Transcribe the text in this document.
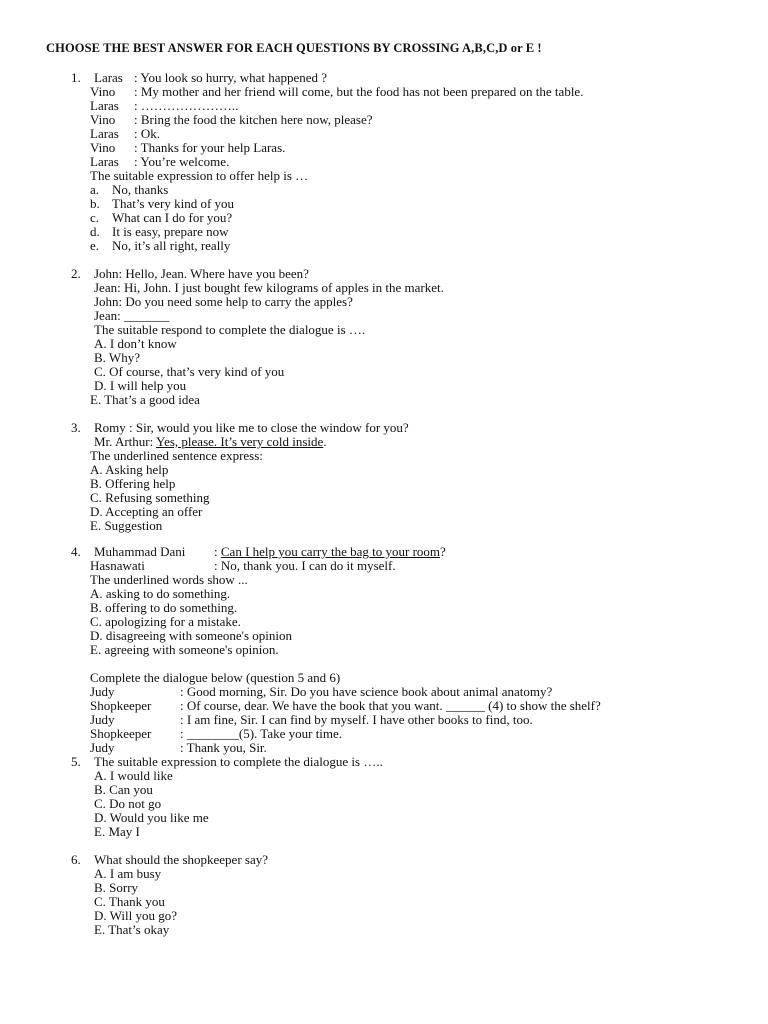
CHOOSE THE BEST ANSWER FOR EACH QUESTIONS BY CROSSING A,B,C,D or E !
1. Laras : You look so hurry, what happened ?
Vino : My mother and her friend will come, but the food has not been prepared on the table.
Laras : …………………..
Vino : Bring the food the kitchen here now, please?
Laras : Ok.
Vino : Thanks for your help Laras.
Laras : You’re welcome.
The suitable expression to offer help is …
a. No, thanks
b. That’s very kind of you
c. What can I do for you?
d. It is easy, prepare now
e. No, it’s all right, really
2. John: Hello, Jean. Where have you been?
Jean: Hi, John. I just bought few kilograms of apples in the market.
John: Do you need some help to carry the apples?
Jean: _______
The suitable respond to complete the dialogue is ….
A. I don’t know
B. Why?
C. Of course, that’s very kind of you
D. I will help you
E. That’s a good idea
3. Romy : Sir, would you like me to close the window for you?
Mr. Arthur: Yes, please. It’s very cold inside.
The underlined sentence express:
A. Asking help
B. Offering help
C. Refusing something
D. Accepting an offer
E. Suggestion
4. Muhammad Dani : Can I help you carry the bag to your room?
Hasnawati	: No, thank you. I can do it myself.
The underlined words show ...
A. asking to do something.
B. offering to do something.
C. apologizing for a mistake.
D. disagreeing with someone's opinion
E. agreeing with someone's opinion.
Complete the dialogue below (question 5 and 6)
Judy	: Good morning, Sir. Do you have science book about animal anatomy?
Shopkeeper : Of course, dear. We have the book that you want. ______ (4) to show the shelf?
Judy	: I am fine, Sir. I can find by myself. I have other books to find, too.
Shopkeeper : ________(5). Take your time.
Judy	: Thank you, Sir.
5. The suitable expression to complete the dialogue is …..
A. I would like
B. Can you
C. Do not go
D. Would you like me
E. May I
6. What should the shopkeeper say?
A. I am busy
B. Sorry
C. Thank you
D. Will you go?
E. That’s okay
